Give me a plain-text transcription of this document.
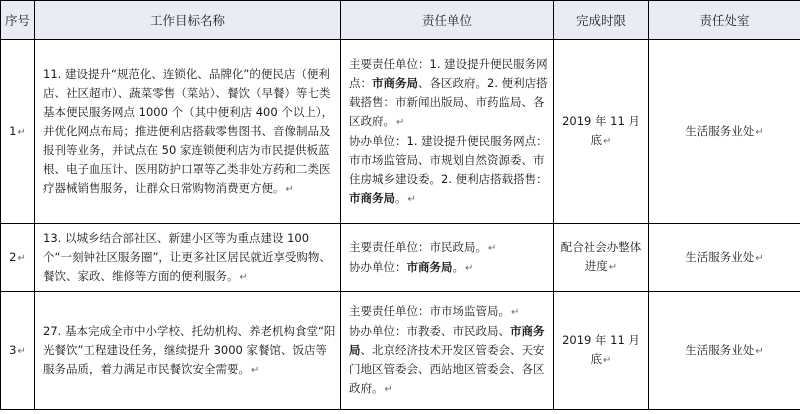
序号	工作目标名称	责任单位	完成时限	责任处室
1↵	11. 建设提升“规范化、连锁化、品牌化”的便民店（便利店、社区超市）、蔬菜零售（菜站）、餐饮（早餐）等七类基本便民服务网点 1000 个（其中便利店 400 个以上），并优化网点布局；推进便利店搭载零售图书、音像制品及报刊等业务，并试点在 50 家连锁便利店为市民提供板蓝根、电子血压计、医用防护口罩等乙类非处方药和二类医疗器械销售服务，让群众日常购物消费更方便。↵	主要责任单位：1. 建设提升便民服务网点：市商务局、各区政府。2. 便利店搭载搭售：市新闻出版局、市药监局、各区政府。↵
协办单位：1. 建设提升便民服务网点：市市场监管局、市规划自然资源委、市住房城乡建设委。2. 便利店搭载搭售：市商务局。↵	2019 年 11 月底↵	生活服务业处↵
2↵	13. 以城乡结合部社区、新建小区等为重点建设 100 个“一刻钟社区服务圈”，让更多社区居民就近享受购物、餐饮、家政、维修等方面的便利服务。↵	主要责任单位：市民政局。↵
协办单位：市商务局。↵	配合社会办整体进度↵	生活服务业处↵
3↵	27. 基本完成全市中小学校、托幼机构、养老机构食堂“阳光餐饮”工程建设任务，继续提升 3000 家餐馆、饭店等服务品质，着力满足市民餐饮安全需要。↵	主要责任单位：市市场监管局。↵
协办单位：市教委、市民政局、市商务局、北京经济技术开发区管委会、天安门地区管委会、西站地区管委会、各区政府。↵	2019 年 11 月底↵	生活服务业处↵
